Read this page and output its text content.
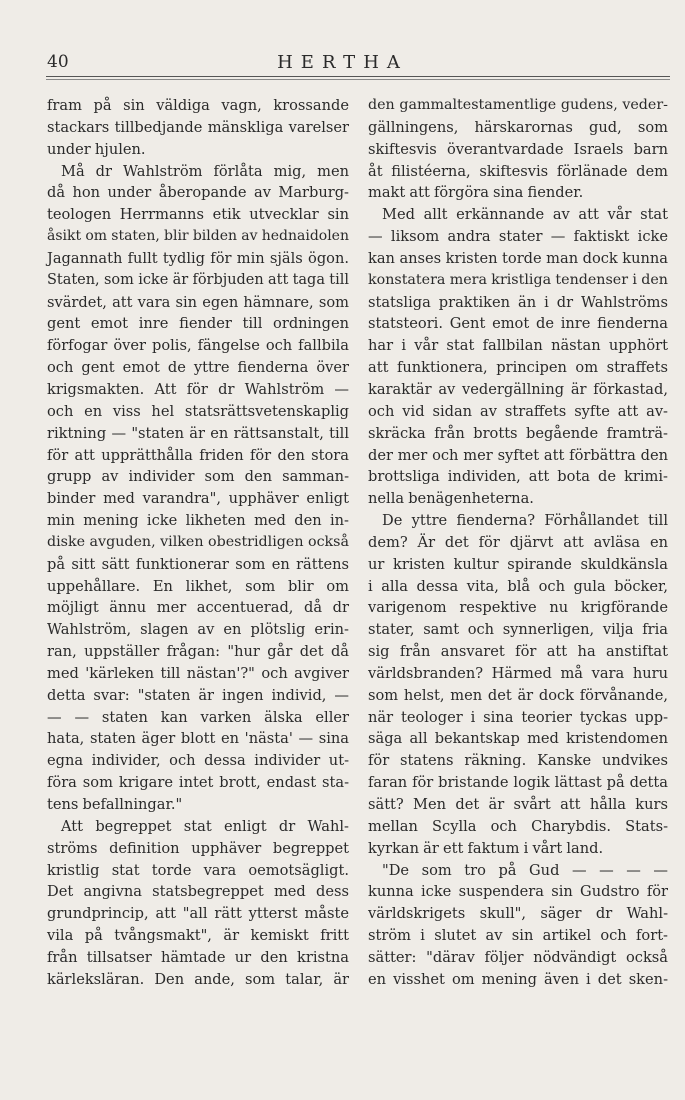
40	HERTHA
fram på sin väldiga vagn, krossande
stackars tillbedjande mänskliga varelser
under hjulen.
Må dr Wahlström förlåta mig, men
då hon under åberopande av Marburg-
teologen Herrmanns etik utvecklar sin
åsikt om staten, blir bilden av hednaidolen
Jagannath fullt tydlig för min själs ögon.
Staten, som icke är förbjuden att taga till
svärdet, att vara sin egen hämnare, som
gent emot inre fiender till ordningen
förfogar över polis, fängelse och fallbila
och gent emot de yttre fienderna över
krigsmakten. Att för dr Wahlström —
och en viss hel statsrättsvetenskaplig
riktning — "staten är en rättsanstalt, till
för att upprätthålla friden för den stora
grupp av individer som den samman-
binder med varandra", upphäver enligt
min mening icke likheten med den in-
diske avguden, vilken obestridligen också
på sitt sätt funktionerar som en rättens
uppehållare. En likhet, som blir om
möjligt ännu mer accentuerad, då dr
Wahlström, slagen av en plötslig erin-
ran, uppställer frågan: "hur går det då
med 'kärleken till nästan'?" och avgiver
detta svar: "staten är ingen individ, —
— — staten kan varken älska eller
hata, staten äger blott en 'nästa' — sina
egna individer, och dessa individer ut-
föra som krigare intet brott, endast sta-
tens befallningar."
Att begreppet stat enligt dr Wahl-
ströms definition upphäver begreppet
kristlig stat torde vara oemotsägligt.
Det angivna statsbegreppet med dess
grundprincip, att "all rätt ytterst måste
vila på tvångsmakt", är kemiskt fritt
från tillsatser hämtade ur den kristna
kärleksläran. Den ande, som talar, är
den gammaltestamentlige gudens, veder-
gällningens, härskarornas gud, som
skiftesvis överantvardade Israels barn
åt filistéerna, skiftesvis förlänade dem
makt att förgöra sina fiender.
Med allt erkännande av att vår stat
— liksom andra stater — faktiskt icke
kan anses kristen torde man dock kunna
konstatera mera kristliga tendenser i den
statsliga praktiken än i dr Wahlströms
statsteori. Gent emot de inre fienderna
har i vår stat fallbilan nästan upphört
att funktionera, principen om straffets
karaktär av vedergällning är förkastad,
och vid sidan av straffets syfte att av-
skräcka från brotts begående framträ-
der mer och mer syftet att förbättra den
brottsliga individen, att bota de krimi-
nella benägenheterna.
De yttre fienderna? Förhållandet till
dem? Är det för djärvt att avläsa en
ur kristen kultur spirande skuldkänsla
i alla dessa vita, blå och gula böcker,
varigenom respektive nu krigförande
stater, samt och synnerligen, vilja fria
sig från ansvaret för att ha anstiftat
världsbranden? Härmed må vara huru
som helst, men det är dock förvånande,
när teologer i sina teorier tyckas upp-
säga all bekantskap med kristendomen
för statens räkning. Kanske undvikes
faran för bristande logik lättast på detta
sätt? Men det är svårt att hålla kurs
mellan Scylla och Charybdis. Stats-
kyrkan är ett faktum i vårt land.
"De som tro på Gud — — — —
kunna icke suspendera sin Gudstro för
världskrigets skull", säger dr Wahl-
ström i slutet av sin artikel och fort-
sätter: "därav följer nödvändigt också
en visshet om mening även i det sken-
